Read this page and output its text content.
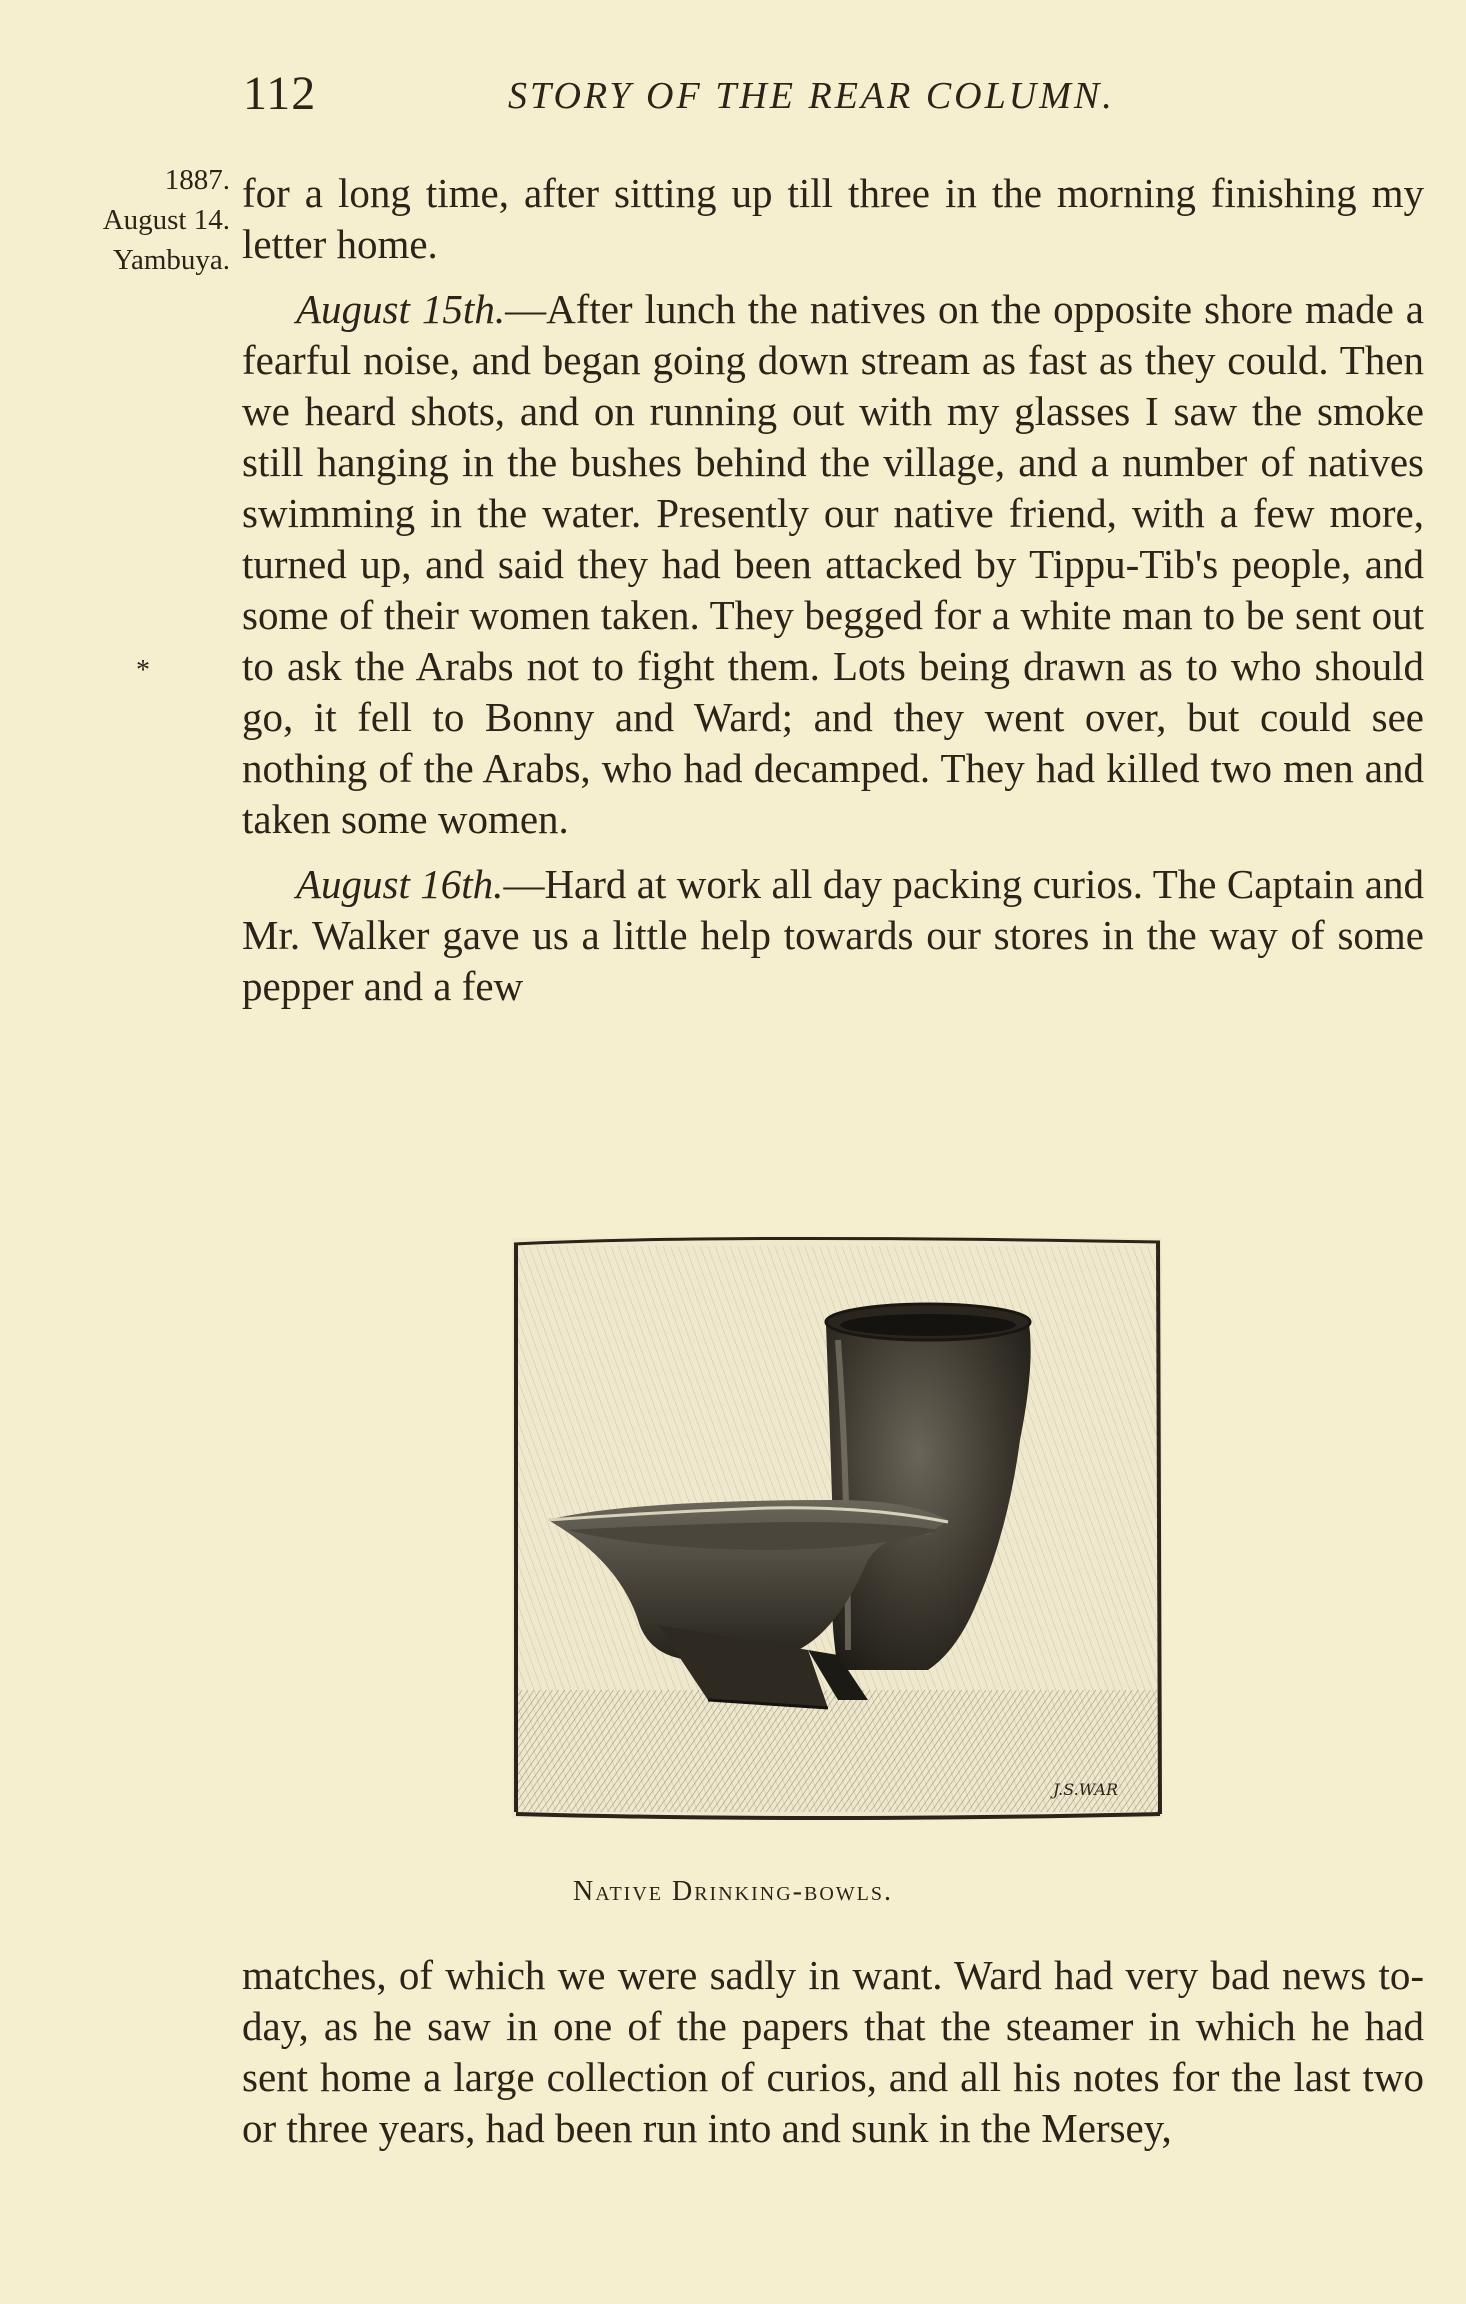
112	STORY OF THE REAR COLUMN.
1887.
August 14.
Yambuya.
*

for a long time, after sitting up till three in the morning finishing my letter home.

August 15th.—After lunch the natives on the opposite shore made a fearful noise, and began going down stream as fast as they could. Then we heard shots, and on running out with my glasses I saw the smoke still hanging in the bushes behind the village, and a number of natives swimming in the water. Presently our native friend, with a few more, turned up, and said they had been attacked by Tippu-Tib's people, and some of their women taken. They begged for a white man to be sent out to ask the Arabs not to fight them. Lots being drawn as to who should go, it fell to Bonny and Ward; and they went over, but could see nothing of the Arabs, who had decamped. They had killed two men and taken some women.

August 16th.—Hard at work all day packing curios. The Captain and Mr. Walker gave us a little help towards our stores in the way of some pepper and a few

J.S.WAR
Native Drinking-bowls.

matches, of which we were sadly in want. Ward had very bad news to-day, as he saw in one of the papers that the steamer in which he had sent home a large collection of curios, and all his notes for the last two or three years, had been run into and sunk in the Mersey,
